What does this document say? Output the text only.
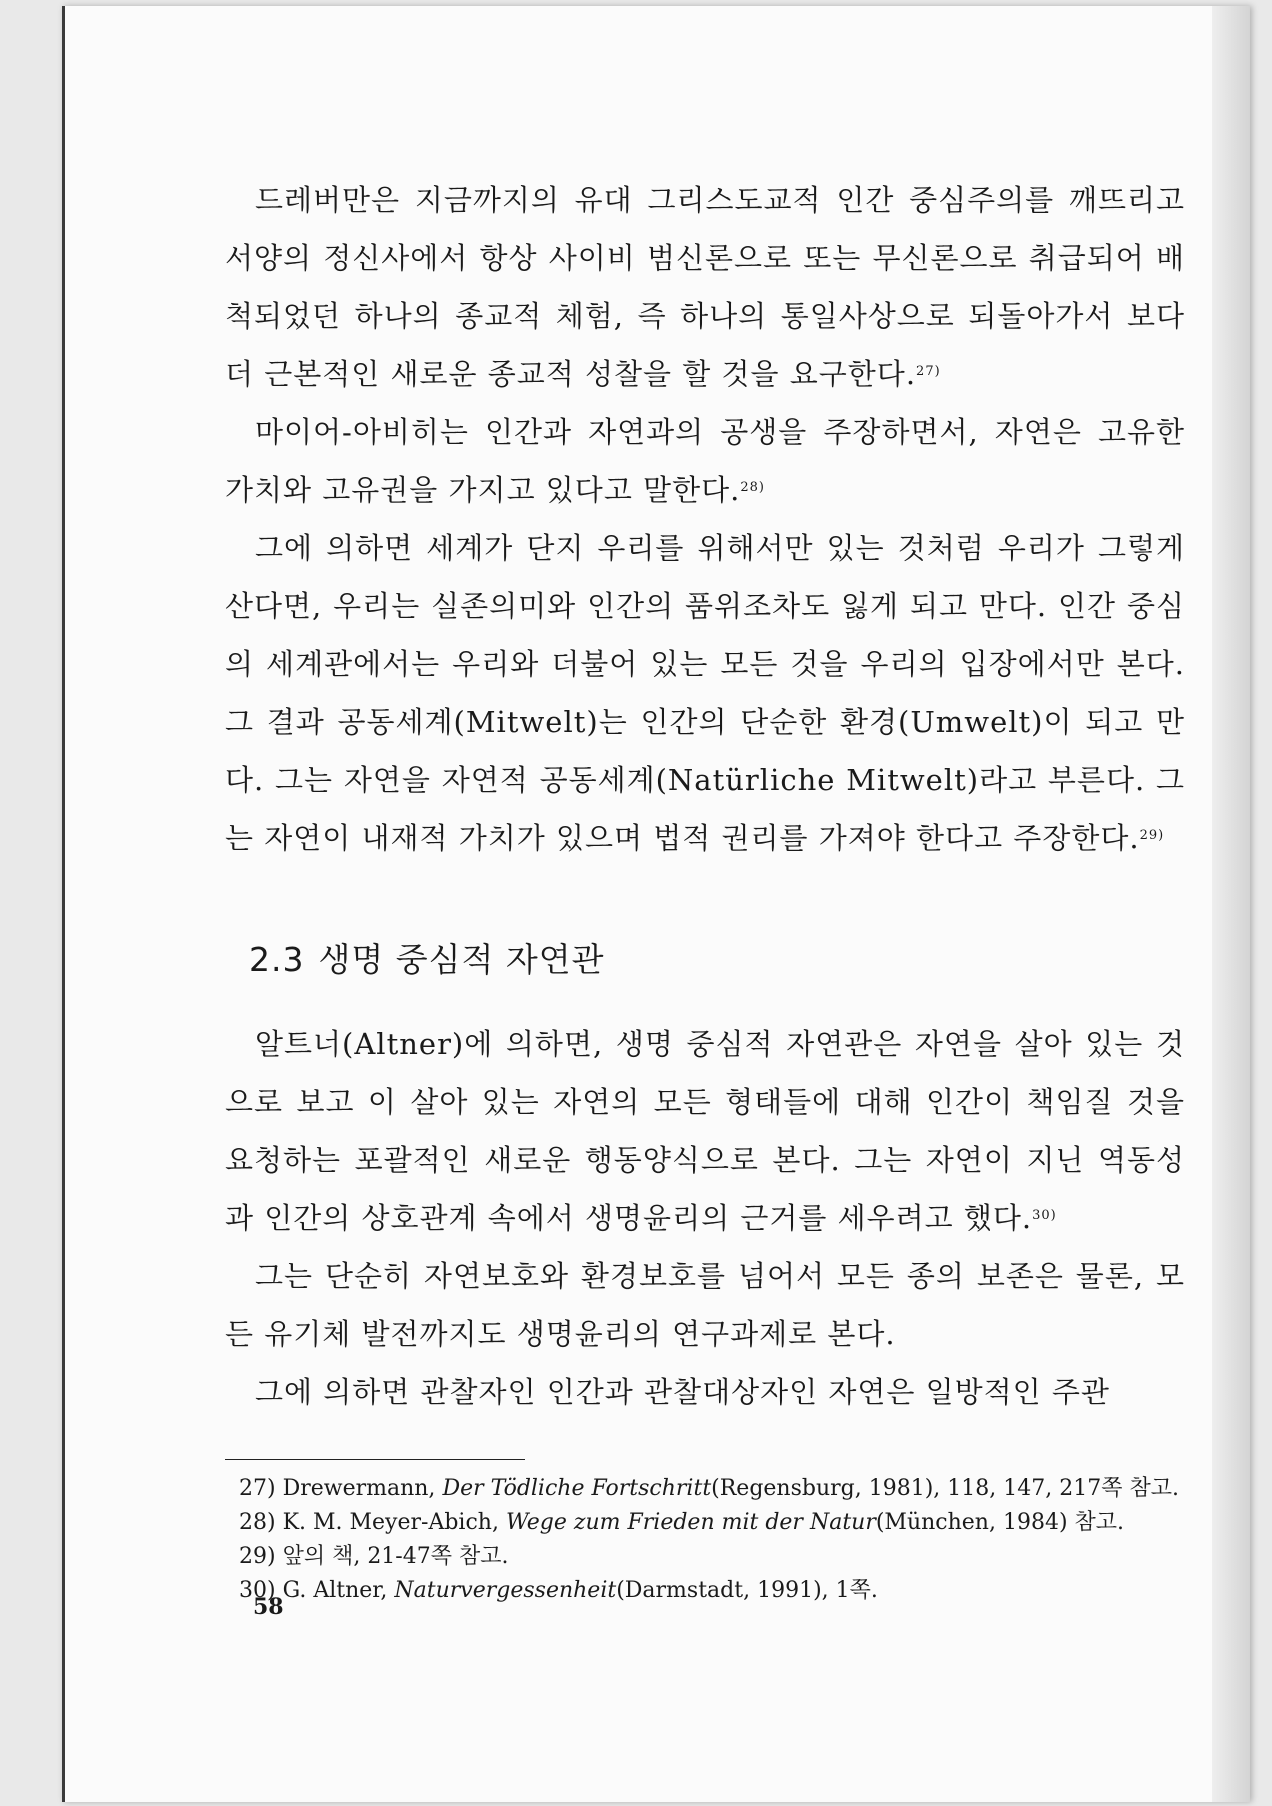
드레버만은 지금까지의 유대 그리스도교적 인간 중심주의를 깨뜨리고 서양의 정신사에서 항상 사이비 범신론으로 또는 무신론으로 취급되어 배척되었던 하나의 종교적 체험, 즉 하나의 통일사상으로 되돌아가서 보다 더 근본적인 새로운 종교적 성찰을 할 것을 요구한다.$^{27)}$

마이어-아비히는 인간과 자연과의 공생을 주장하면서, 자연은 고유한 가치와 고유권을 가지고 있다고 말한다.$^{28)}$

그에 의하면 세계가 단지 우리를 위해서만 있는 것처럼 우리가 그렇게 산다면, 우리는 실존의미와 인간의 품위조차도 잃게 되고 만다. 인간 중심의 세계관에서는 우리와 더불어 있는 모든 것을 우리의 입장에서만 본다. 그 결과 공동세계(Mitwelt)는 인간의 단순한 환경(Umwelt)이 되고 만다. 그는 자연을 자연적 공동세계(Natürliche Mitwelt)라고 부른다. 그는 자연이 내재적 가치가 있으며 법적 권리를 가져야 한다고 주장한다.$^{29)}$

2.3 생명 중심적 자연관

알트너(Altner)에 의하면, 생명 중심적 자연관은 자연을 살아 있는 것으로 보고 이 살아 있는 자연의 모든 형태들에 대해 인간이 책임질 것을 요청하는 포괄적인 새로운 행동양식으로 본다. 그는 자연이 지닌 역동성과 인간의 상호관계 속에서 생명윤리의 근거를 세우려고 했다.$^{30)}$

그는 단순히 자연보호와 환경보호를 넘어서 모든 종의 보존은 물론, 모든 유기체 발전까지도 생명윤리의 연구과제로 본다.

그에 의하면 관찰자인 인간과 관찰대상자인 자연은 일방적인 주관

27) Drewermann, Der Tödliche Fortschritt(Regensburg, 1981), 118, 147, 217쪽 참고.

28) K. M. Meyer-Abich, Wege zum Frieden mit der Natur(München, 1984) 참고.

29) 앞의 책, 21-47쪽 참고.

30) G. Altner, Naturvergessenheit(Darmstadt, 1991), 1쪽.

58
